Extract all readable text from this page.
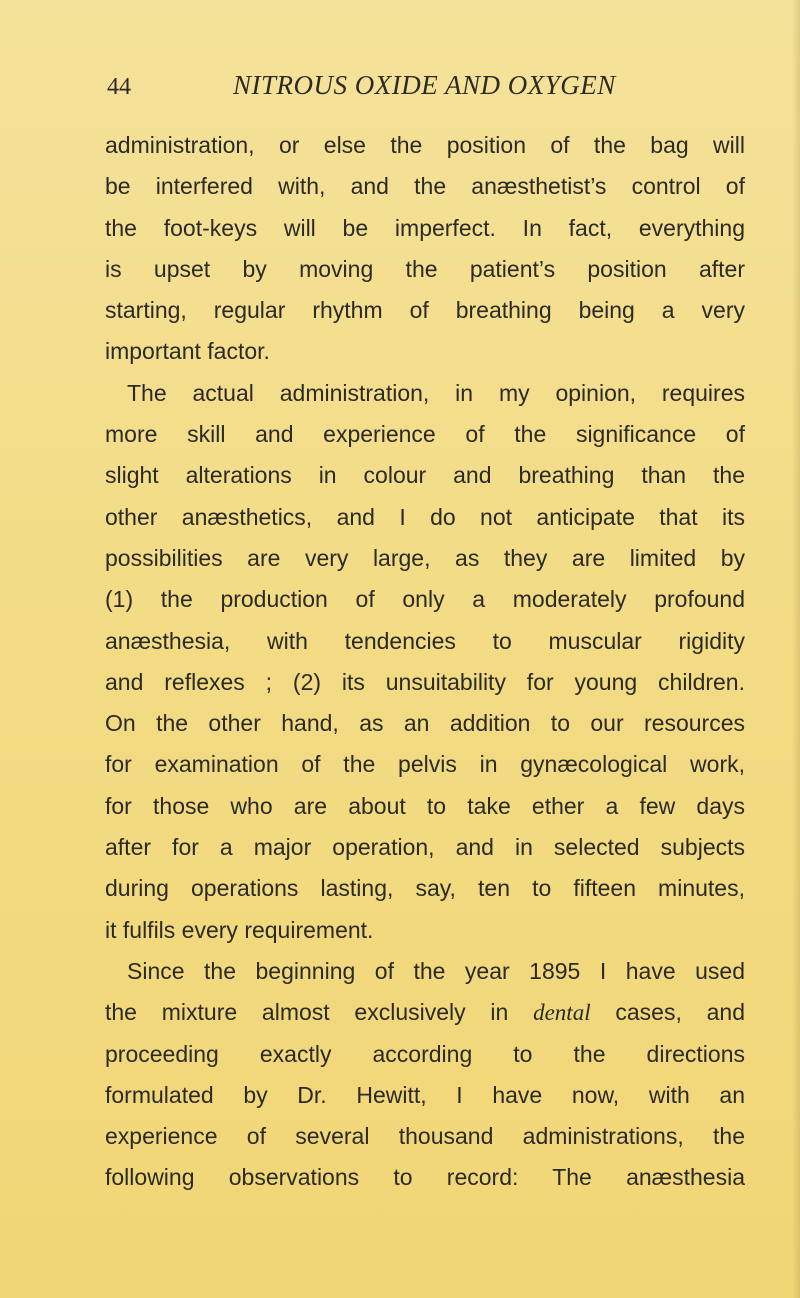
44	NITROUS OXIDE AND OXYGEN
administration, or else the position of the bag will
be interfered with, and the anæsthetist’s control of
the foot-keys will be imperfect. In fact, everything
is upset by moving the patient’s position after
starting, regular rhythm of breathing being a very
important factor.
The actual administration, in my opinion, requires
more skill and experience of the significance of
slight alterations in colour and breathing than the
other anæsthetics, and I do not anticipate that its
possibilities are very large, as they are limited by
(1) the production of only a moderately profound
anæsthesia, with tendencies to muscular rigidity
and reflexes ; (2) its unsuitability for young children.
On the other hand, as an addition to our resources
for examination of the pelvis in gynæcological work,
for those who are about to take ether a few days
after for a major operation, and in selected subjects
during operations lasting, say, ten to fifteen minutes,
it fulfils every requirement.
Since the beginning of the year 1895 I have used
the mixture almost exclusively in dental cases, and
proceeding exactly according to the directions
formulated by Dr. Hewitt, I have now, with an
experience of several thousand administrations, the
following observations to record: The anæsthesia
